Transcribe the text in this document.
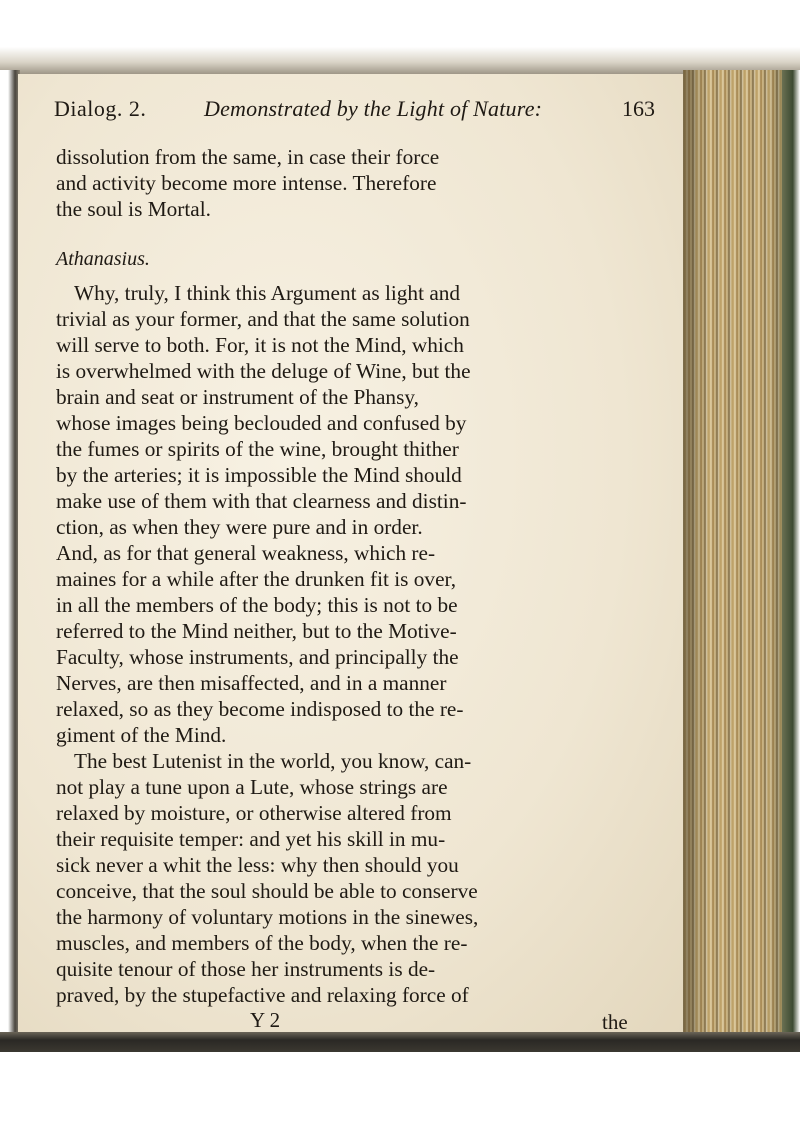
Dialog. 2.	Demonstrated by the Light of Nature:	163
dissolution from the same, in case their force
and activity become more intense. Therefore
the soul is Mortal.
Athanasius.
Why, truly, I think this Argument as light and
trivial as your former, and that the same solution
will serve to both. For, it is not the Mind, which
is overwhelmed with the deluge of Wine, but the
brain and seat or instrument of the Phansy,
whose images being beclouded and confused by
the fumes or spirits of the wine, brought thither
by the arteries; it is impossible the Mind should
make use of them with that clearness and distin-
ction, as when they were pure and in order.
And, as for that general weakness, which re-
maines for a while after the drunken fit is over,
in all the members of the body; this is not to be
referred to the Mind neither, but to the Motive-
Faculty, whose instruments, and principally the
Nerves, are then misaffected, and in a manner
relaxed, so as they become indisposed to the re-
giment of the Mind.
The best Lutenist in the world, you know, can-
not play a tune upon a Lute, whose strings are
relaxed by moisture, or otherwise altered from
their requisite temper: and yet his skill in mu-
sick never a whit the less: why then should you
conceive, that the soul should be able to conserve
the harmony of voluntary motions in the sinewes,
muscles, and members of the body, when the re-
quisite tenour of those her instruments is de-
praved, by the stupefactive and relaxing force of
Y 2	the
